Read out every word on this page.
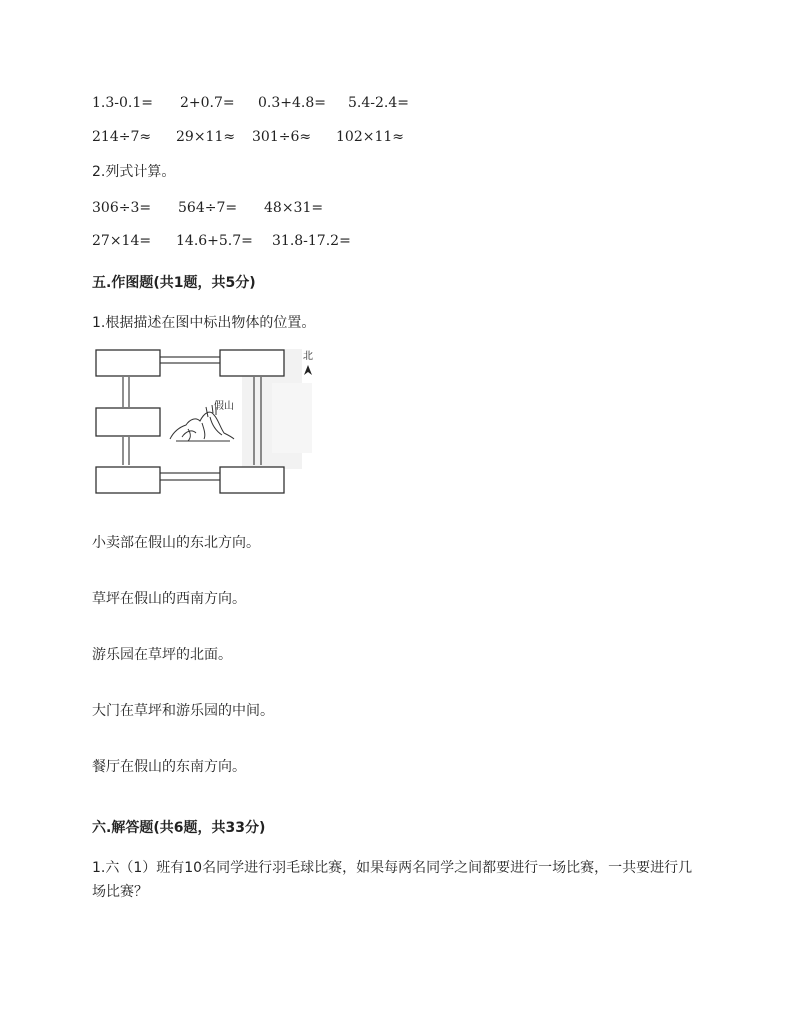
1.3-0.1= 2+0.7= 0.3+4.8= 5.4-2.4=
214÷7≈ 29×11≈ 301÷6≈ 102×11≈
2.列式计算。
306÷3= 564÷7= 48×31=
27×14= 14.6+5.7= 31.8-17.2=
五.作图题(共1题，共5分)
1.根据描述在图中标出物体的位置。
假山
北
小卖部在假山的东北方向。
草坪在假山的西南方向。
游乐园在草坪的北面。
大门在草坪和游乐园的中间。
餐厅在假山的东南方向。
六.解答题(共6题，共33分)
1.六（1）班有10名同学进行羽毛球比赛，如果每两名同学之间都要进行一场比赛，一共要进行几场比赛？
